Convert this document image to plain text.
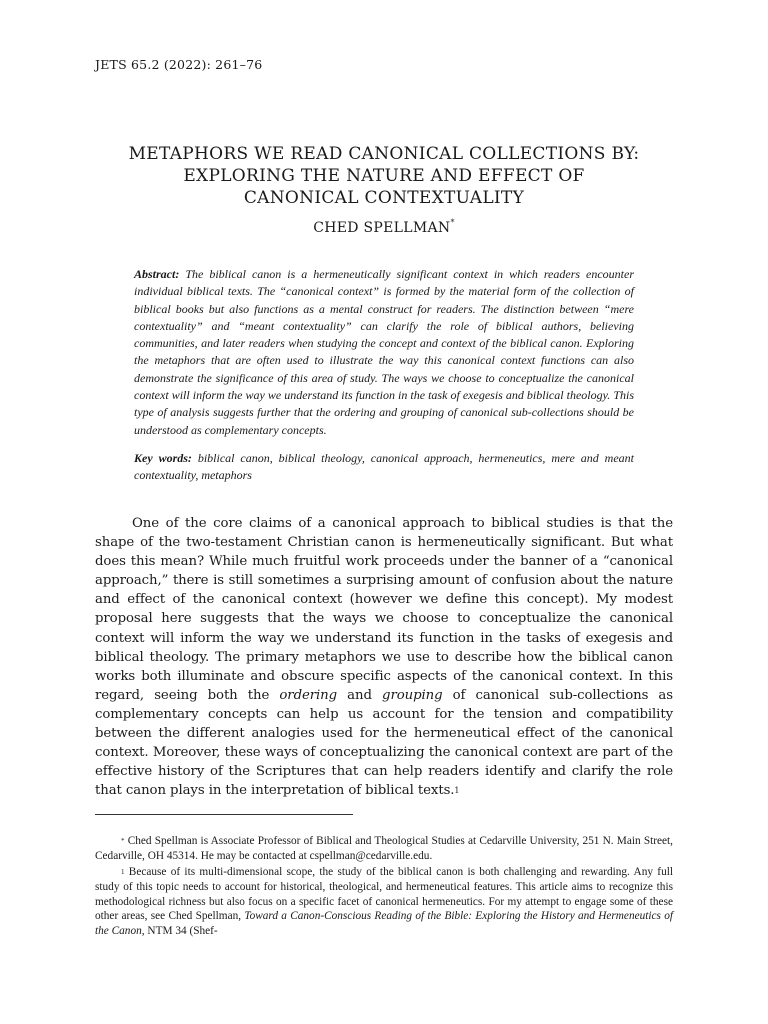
JETS 65.2 (2022): 261–76
METAPHORS WE READ CANONICAL COLLECTIONS BY:
EXPLORING THE NATURE AND EFFECT OF
CANONICAL CONTEXTUALITY
CHED SPELLMAN*

Abstract: The biblical canon is a hermeneutically significant context in which readers encounter individual biblical texts. The “canonical context” is formed by the material form of the collection of biblical books but also functions as a mental construct for readers. The distinction between “mere contextuality” and “meant contextuality” can clarify the role of biblical authors, believing communities, and later readers when studying the concept and context of the biblical canon. Exploring the metaphors that are often used to illustrate the way this canonical context functions can also demonstrate the significance of this area of study. The ways we choose to conceptualize the canonical context will inform the way we understand its function in the task of exegesis and biblical theology. This type of analysis suggests further that the ordering and grouping of canonical sub-collections should be understood as complementary concepts.

Key words: biblical canon, biblical theology, canonical approach, hermeneutics, mere and meant contextuality, metaphors

One of the core claims of a canonical approach to biblical studies is that the shape of the two-testament Christian canon is hermeneutically significant. But what does this mean? While much fruitful work proceeds under the banner of a “canonical approach,” there is still sometimes a surprising amount of confusion about the nature and effect of the canonical context (however we define this concept). My modest proposal here suggests that the ways we choose to conceptualize the canonical context will inform the way we understand its function in the tasks of exegesis and biblical theology. The primary metaphors we use to describe how the biblical canon works both illuminate and obscure specific aspects of the canonical context. In this regard, seeing both the ordering and grouping of canonical sub-collections as complementary concepts can help us account for the tension and compatibility between the different analogies used for the hermeneutical effect of the canonical context. Moreover, these ways of conceptualizing the canonical context are part of the effective history of the Scriptures that can help readers identify and clarify the role that canon plays in the interpretation of biblical texts.$^1$

* Ched Spellman is Associate Professor of Biblical and Theological Studies at Cedarville University, 251 N. Main Street, Cedarville, OH 45314. He may be contacted at cspellman@cedarville.edu.

$^1$ Because of its multi-dimensional scope, the study of the biblical canon is both challenging and rewarding. Any full study of this topic needs to account for historical, theological, and hermeneutical features. This article aims to recognize this methodological richness but also focus on a specific facet of canonical hermeneutics. For my attempt to engage some of these other areas, see Ched Spellman, Toward a Canon-Conscious Reading of the Bible: Exploring the History and Hermeneutics of the Canon, NTM 34 (Shef-
